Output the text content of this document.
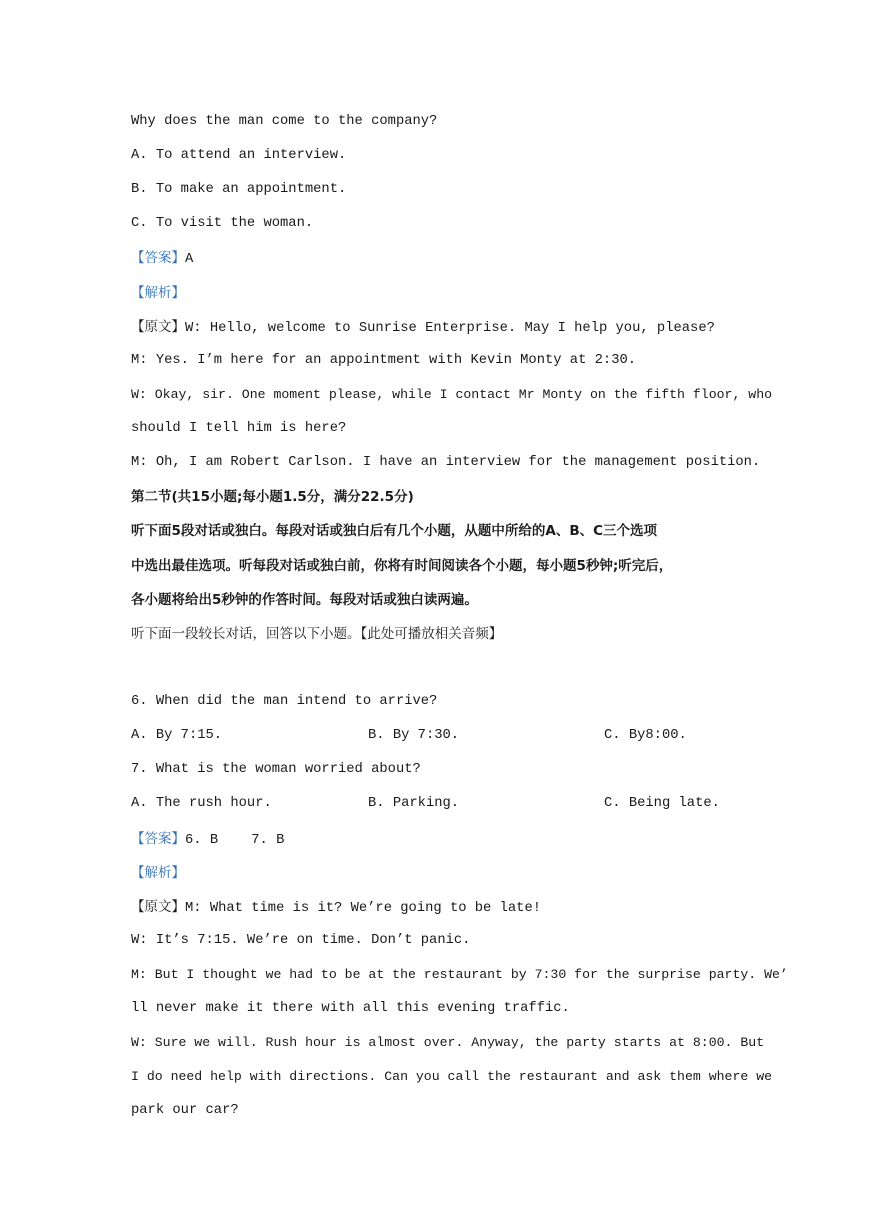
Why does the man come to the company?
A. To attend an interview.
B. To make an appointment.
C. To visit the woman.
【答案】A
【解析】
【原文】W: Hello, welcome to Sunrise Enterprise. May I help you, please?
M: Yes. I’m here for an appointment with Kevin Monty at 2:30.
W: Okay, sir. One moment please, while I contact Mr Monty on the fifth floor, who
should I tell him is here?
M: Oh, I am Robert Carlson. I have an interview for the management position.
第二节(共15小题;每小题1.5分，满分22.5分)
听下面5段对话或独白。每段对话或独白后有几个小题，从题中所给的A、B、C三个选项
中选出最佳选项。听每段对话或独白前，你将有时间阅读各个小题，每小题5秒钟;听完后，
各小题将给出5秒钟的作答时间。每段对话或独白读两遍。
听下面一段较长对话，回答以下小题。【此处可播放相关音频】
6. When did the man intend to arrive?
A. By 7:15.	B. By 7:30.	C. By8:00.
7. What is the woman worried about?
A. The rush hour.	B. Parking.	C. Being late.
【答案】6. B    7. B
【解析】
【原文】M: What time is it? We’re going to be late!
W: It’s 7:15. We’re on time. Don’t panic.
M: But I thought we had to be at the restaurant by 7:30 for the surprise party. We’
ll never make it there with all this evening traffic.
W: Sure we will. Rush hour is almost over. Anyway, the party starts at 8:00. But
I do need help with directions. Can you call the restaurant and ask them where we
park our car?
